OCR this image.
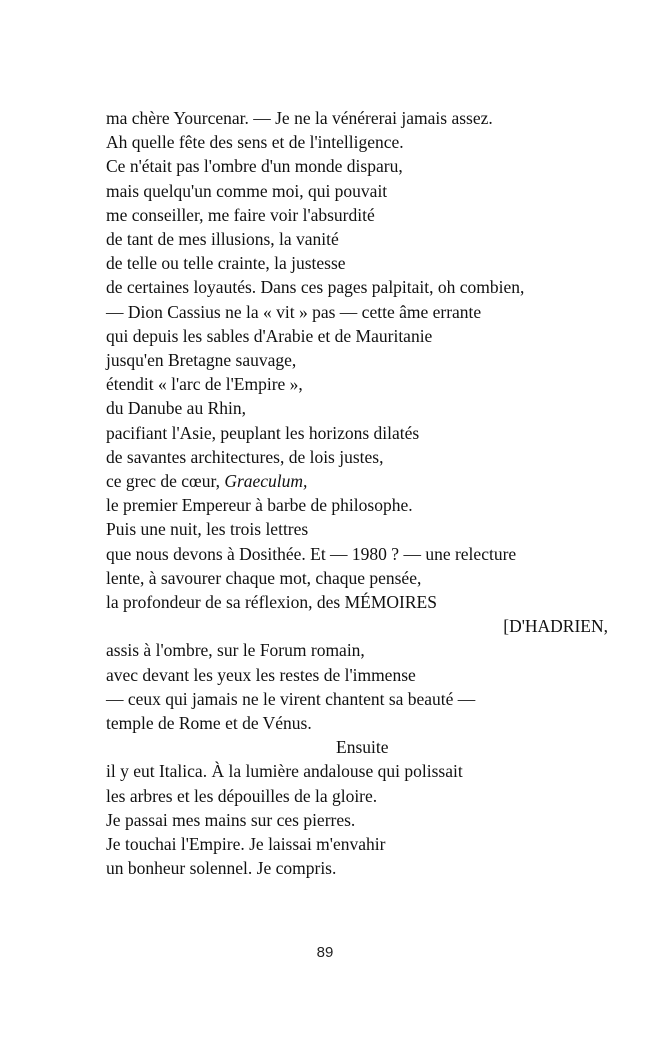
ma chère Yourcenar. — Je ne la vénérerai jamais assez.
Ah quelle fête des sens et de l'intelligence.
Ce n'était pas l'ombre d'un monde disparu,
mais quelqu'un comme moi, qui pouvait
me conseiller, me faire voir l'absurdité
de tant de mes illusions, la vanité
de telle ou telle crainte, la justesse
de certaines loyautés. Dans ces pages palpitait, oh combien,
— Dion Cassius ne la « vit » pas — cette âme errante
qui depuis les sables d'Arabie et de Mauritanie
jusqu'en Bretagne sauvage,
étendit « l'arc de l'Empire »,
du Danube au Rhin,
pacifiant l'Asie, peuplant les horizons dilatés
de savantes architectures, de lois justes,
ce grec de cœur, Graeculum,
le premier Empereur à barbe de philosophe.
Puis une nuit, les trois lettres
que nous devons à Dosithée. Et — 1980 ? — une relecture
lente, à savourer chaque mot, chaque pensée,
la profondeur de sa réflexion, des MÉMOIRES
[D'HADRIEN,
assis à l'ombre, sur le Forum romain,
avec devant les yeux les restes de l'immense
— ceux qui jamais ne le virent chantent sa beauté —
temple de Rome et de Vénus.
Ensuite
il y eut Italica. À la lumière andalouse qui polissait
les arbres et les dépouilles de la gloire.
Je passai mes mains sur ces pierres.
Je touchai l'Empire. Je laissai m'envahir
un bonheur solennel. Je compris.
89
